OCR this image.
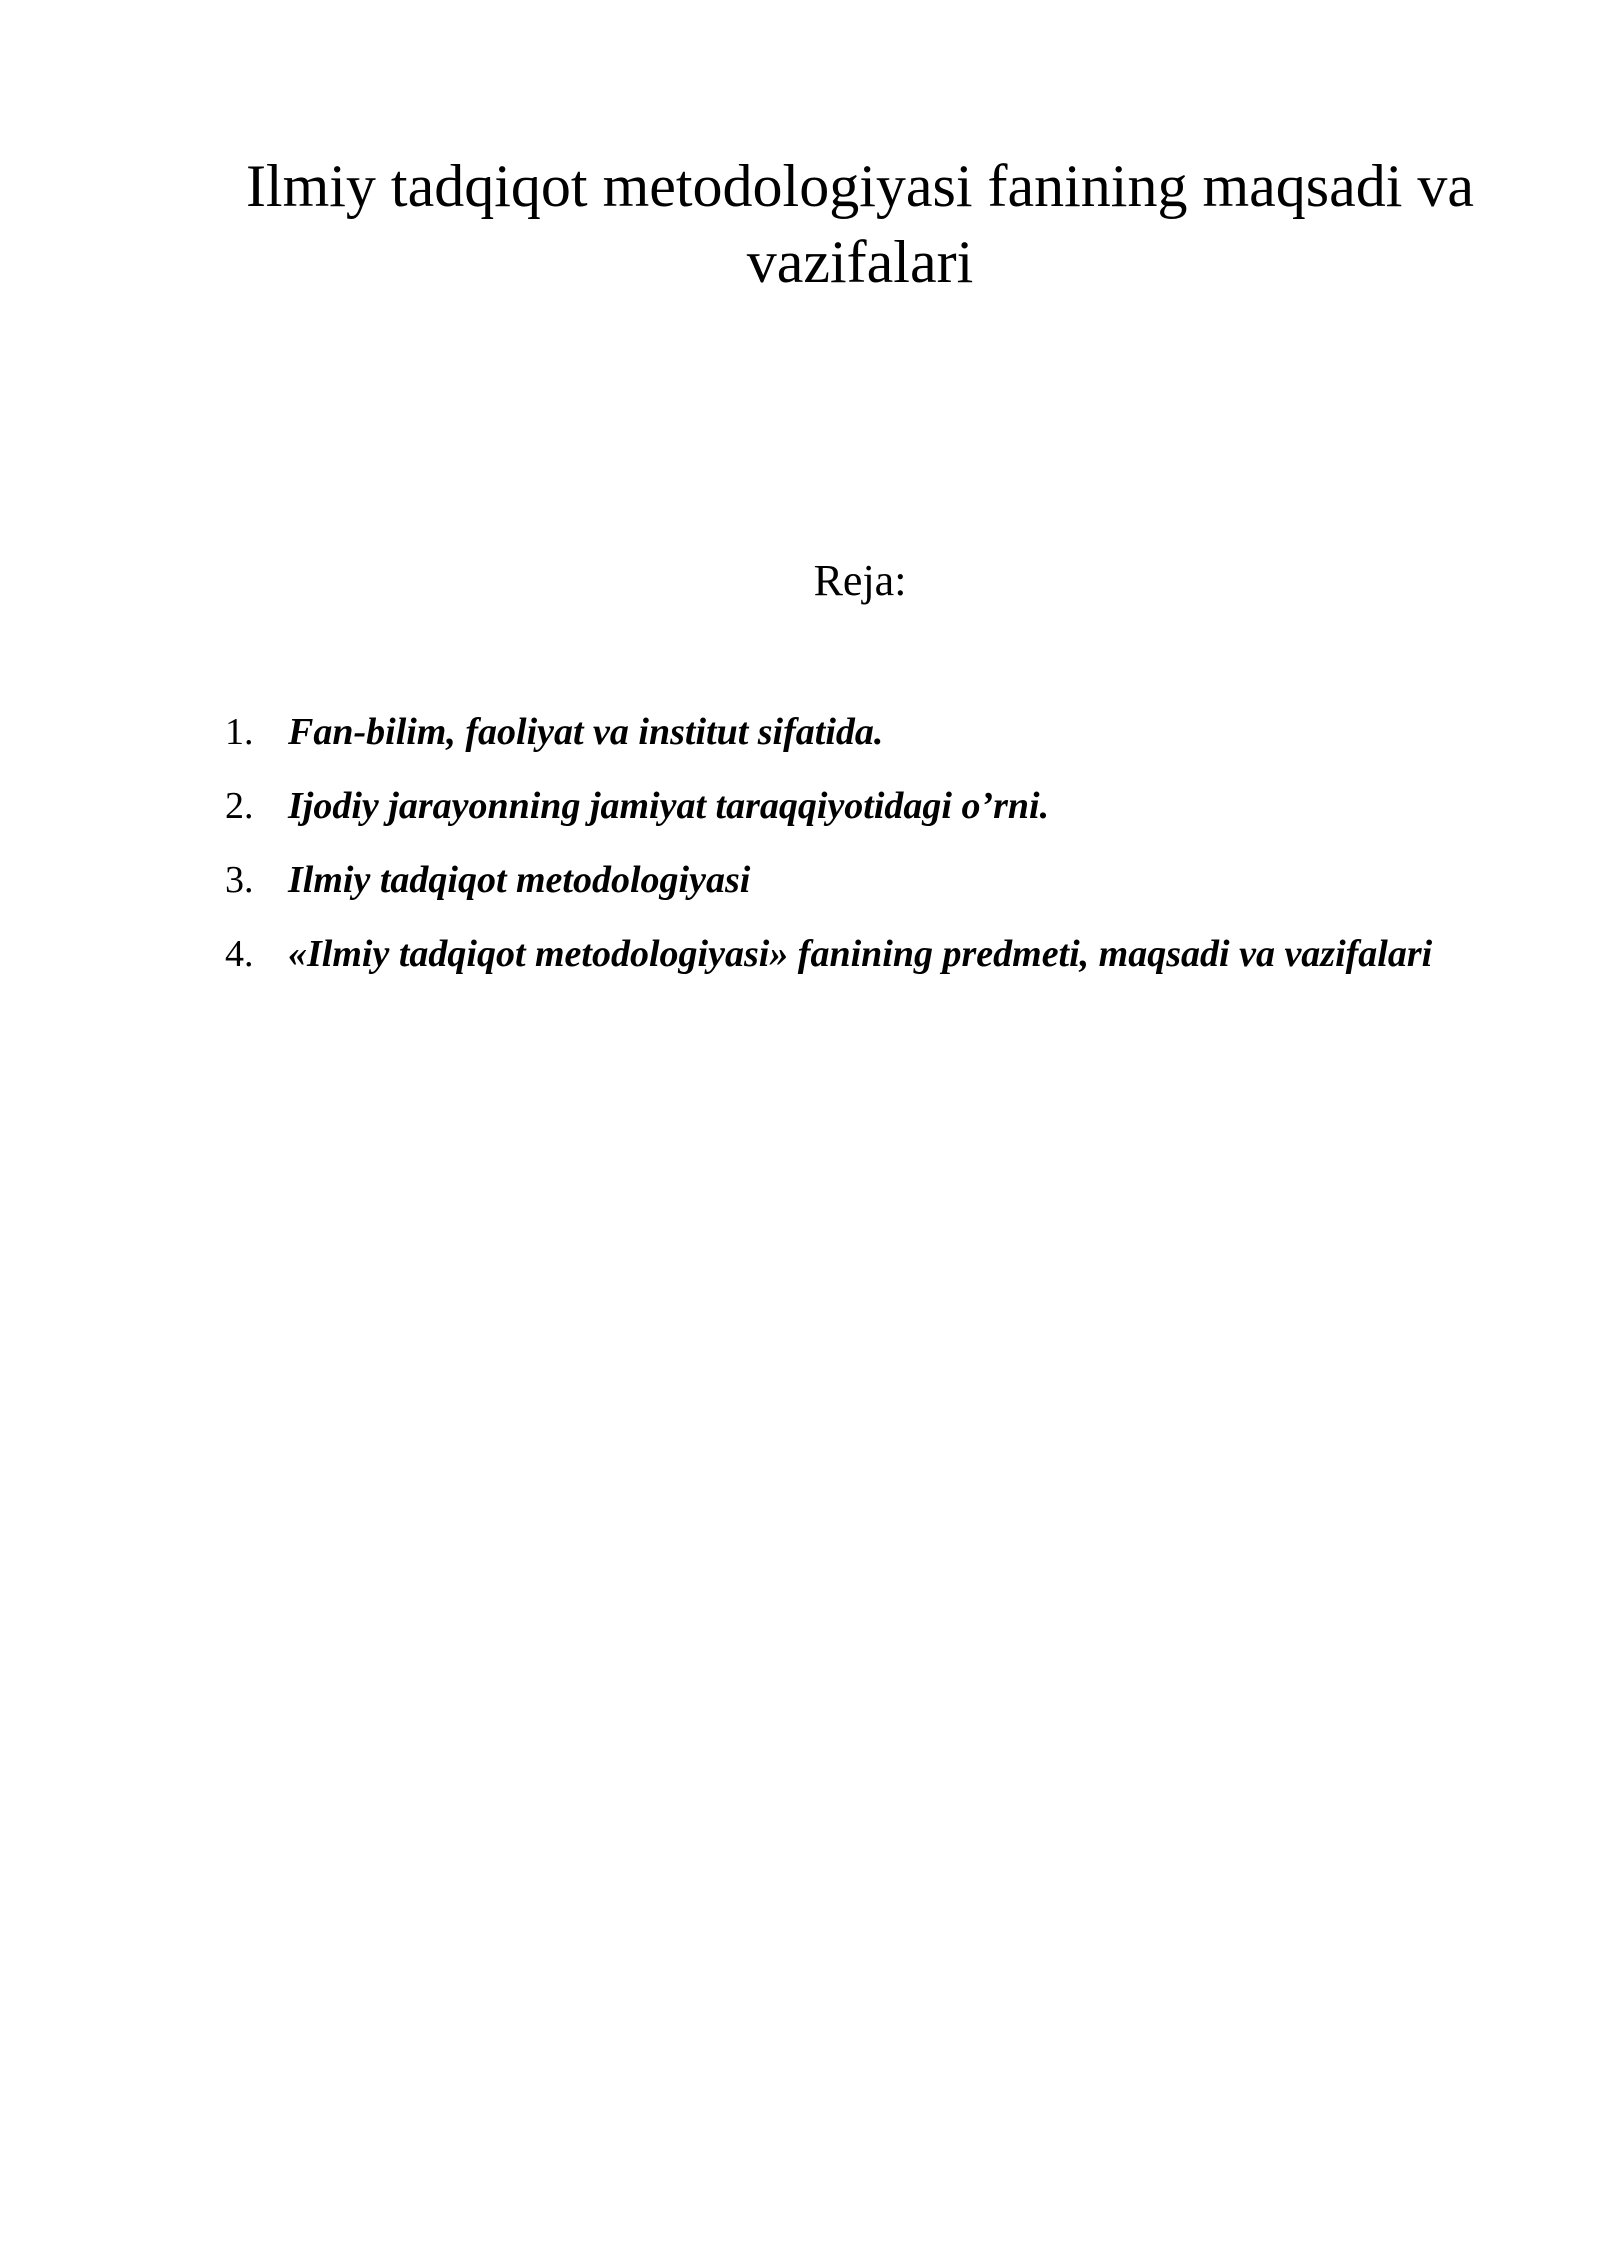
Ilmiy tadqiqot metodologiyasi fanining maqsadi va vazifalari
Reja:
1. Fan-bilim, faoliyat va institut sifatida.
2. Ijodiy jarayonning jamiyat taraqqiyotidagi o’rni.
3. Ilmiy tadqiqot metodologiyasi
4. «Ilmiy tadqiqot metodologiyasi» fanining predmeti, maqsadi va vazifalari
